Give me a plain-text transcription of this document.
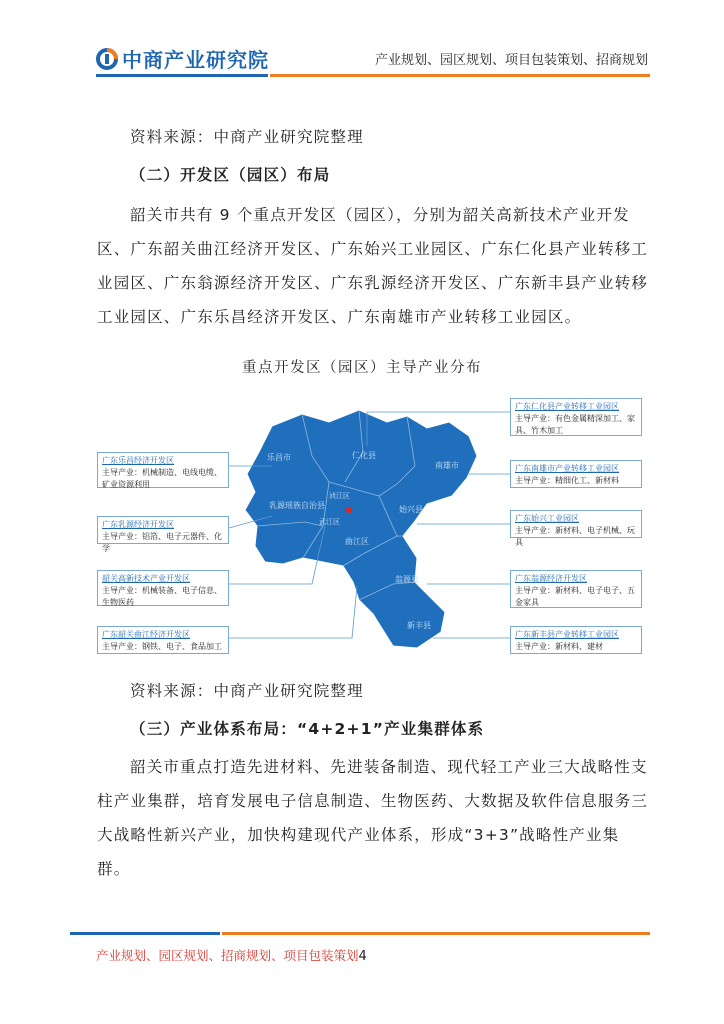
中商产业研究院	产业规划、园区规划、项目包装策划、招商规划
资料来源：中商产业研究院整理
（二）开发区（园区）布局
韶关市共有 9 个重点开发区（园区），分别为韶关高新技术产业开发区、广东韶关曲江经济开发区、广东始兴工业园区、广东仁化县产业转移工业园区、广东翁源经济开发区、广东乳源经济开发区、广东新丰县产业转移工业园区、广东乐昌经济开发区、广东南雄市产业转移工业园区。
重点开发区（园区）主导产业分布
乐昌市	仁化县
南雄市
乳源瑶族自治县
浈江区
武江区
曲江区
始兴县
翁源县
新丰县
广东乐昌经济开发区
主导产业：机械制造、电线电缆、矿业资源利用
广东乳源经济开发区
主导产业：铝箔、电子元器件、化学
韶关高新技术产业开发区
主导产业：机械装备、电子信息、生物医药
广东韶关曲江经济开发区
主导产业：钢铁、电子、食品加工
广东仁化县产业转移工业园区
主导产业：有色金属精深加工、家具、竹木加工
广东南雄市产业转移工业园区
主导产业：精细化工、新材料
广东始兴工业园区
主导产业：新材料、电子机械、玩具
广东翁源经济开发区
主导产业：新材料、电子电子、五金家具
广东新丰县产业转移工业园区
主导产业：新材料、建材
资料来源：中商产业研究院整理
（三）产业体系布局：“4+2+1”产业集群体系
韶关市重点打造先进材料、先进装备制造、现代轻工产业三大战略性支柱产业集群，培育发展电子信息制造、生物医药、大数据及软件信息服务三大战略性新兴产业，加快构建现代产业体系，形成“3+3”战略性产业集群。
产业规划、园区规划、招商规划、项目包装策划4
